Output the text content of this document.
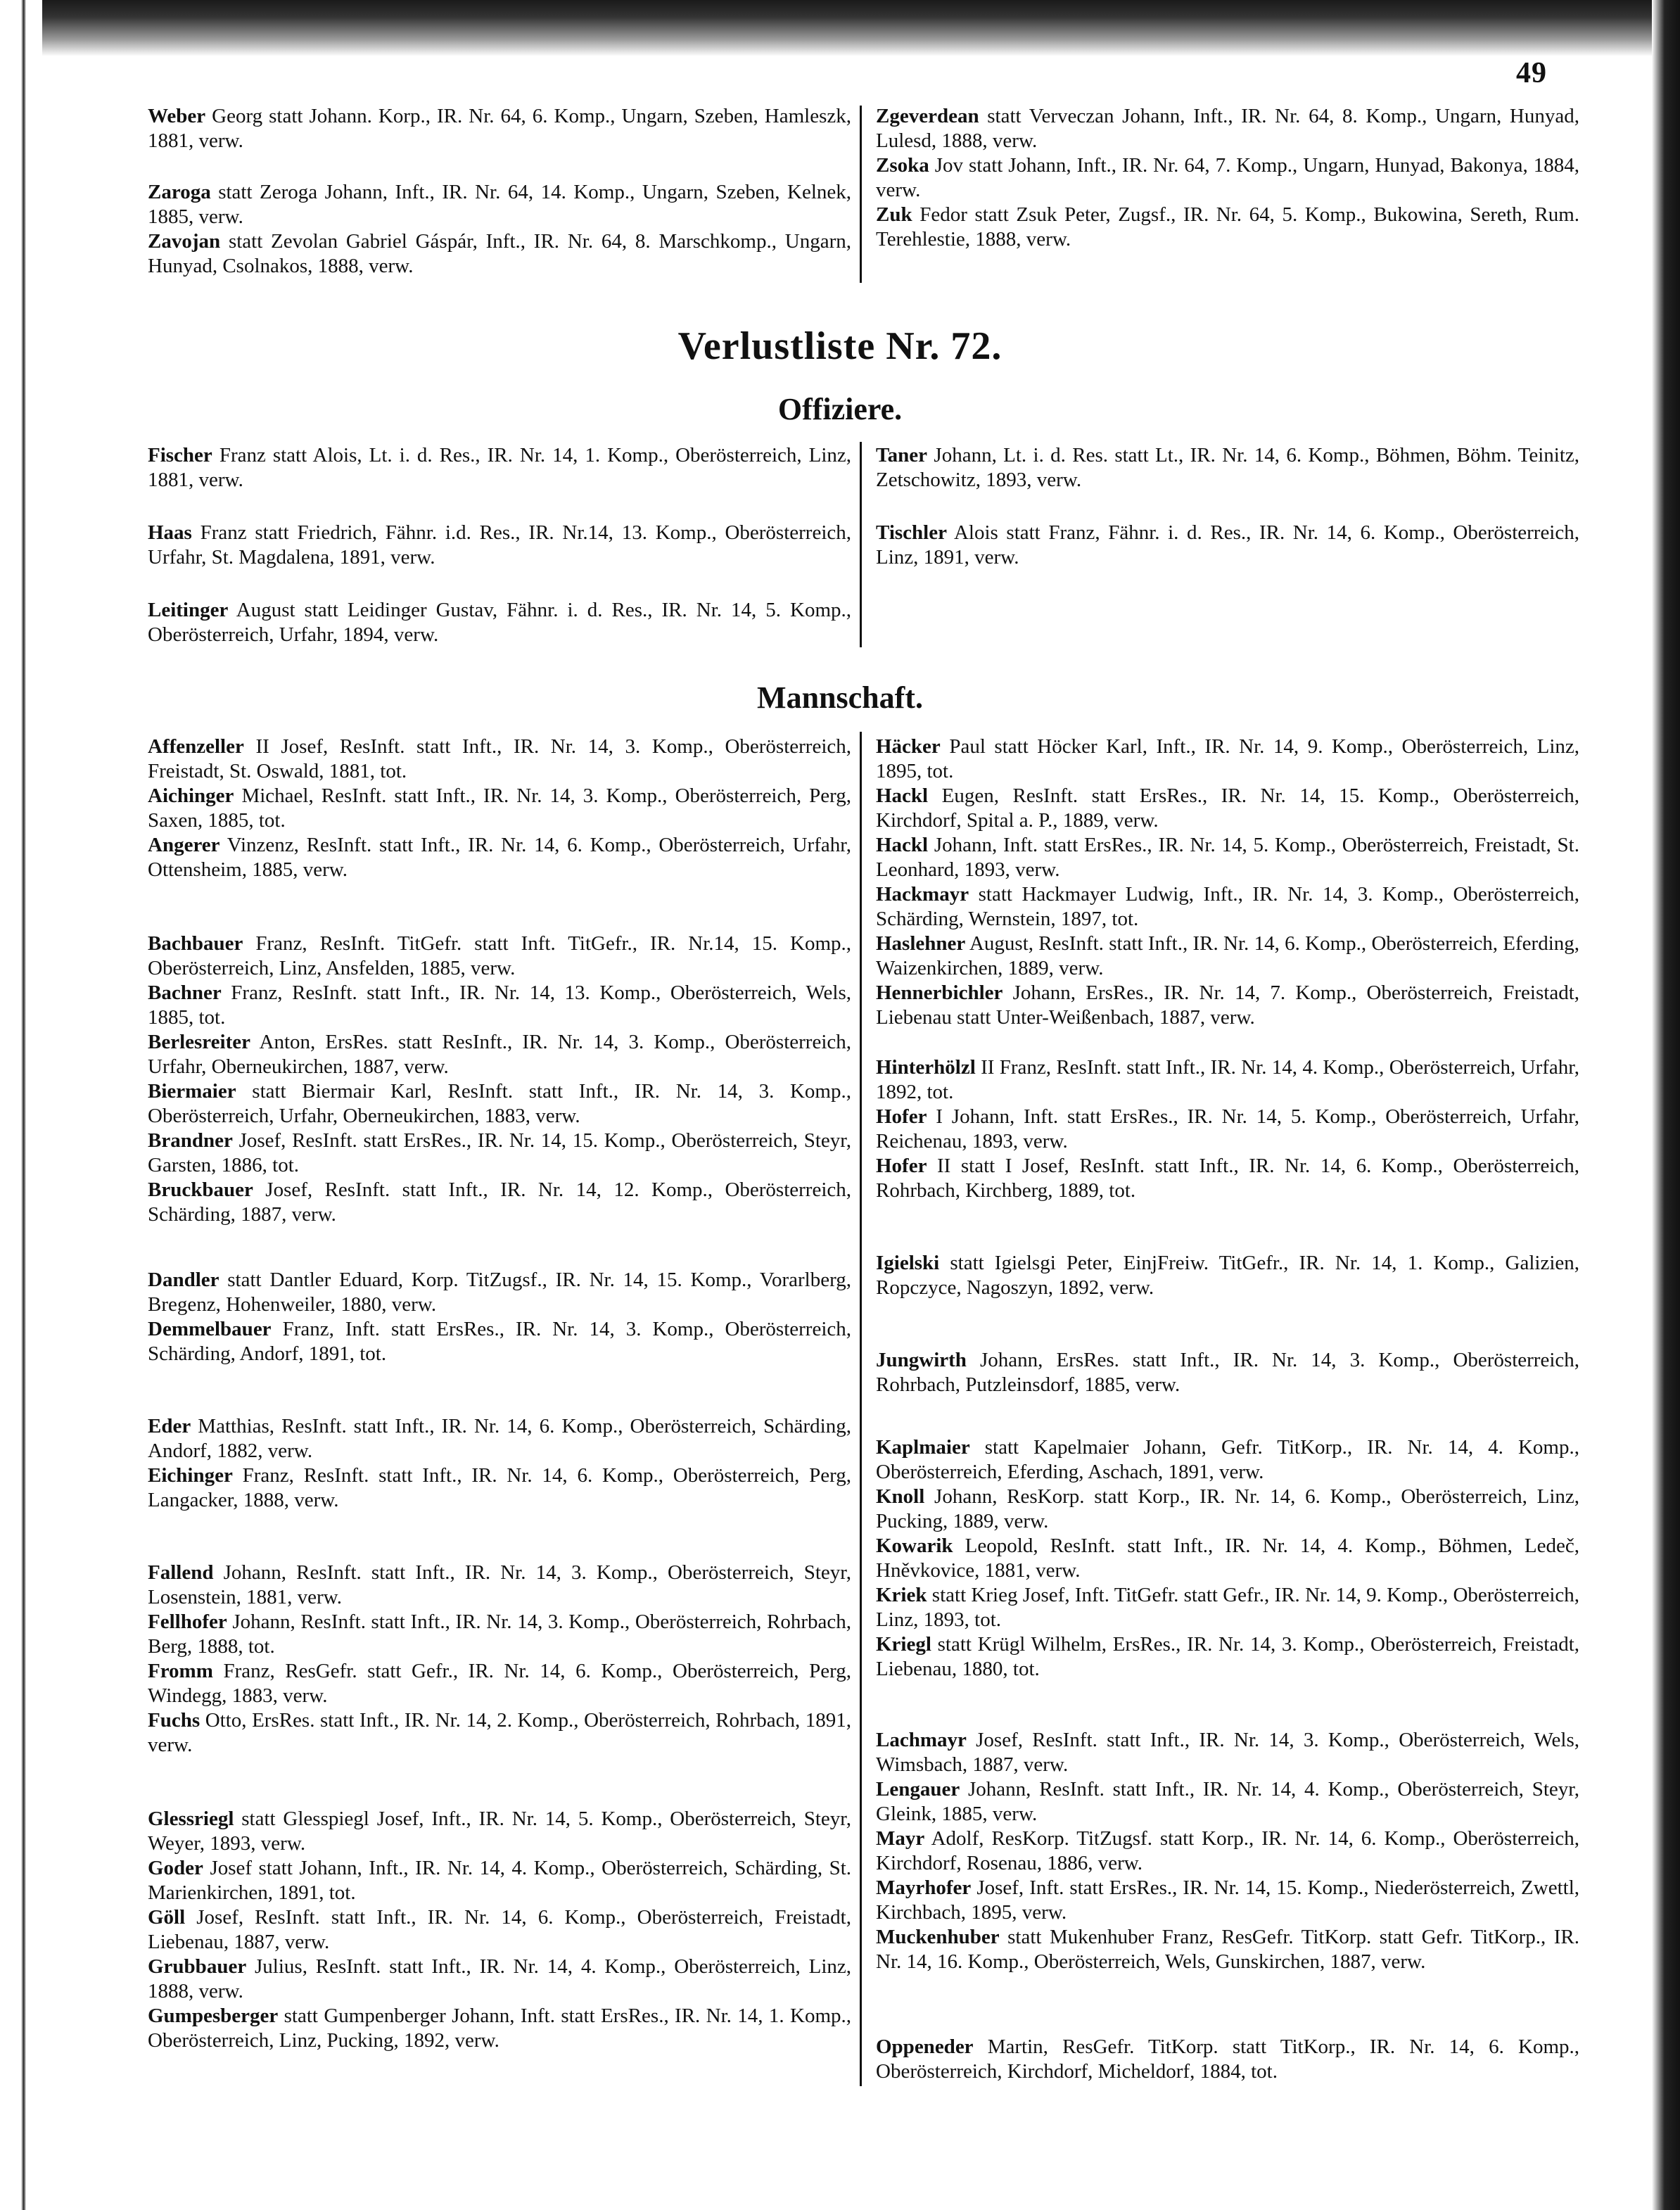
49
Verlustliste Nr. 72.
Offiziere.
Mannschaft.
Weber Georg statt Johann. Korp., IR. Nr. 64, 6. Komp., Ungarn, Szeben, Hamleszk, 1881, verw.
Zaroga statt Zeroga Johann, Inft., IR. Nr. 64, 14. Komp., Ungarn, Szeben, Kelnek, 1885, verw.
Zavojan statt Zevolan Gabriel Gáspár, Inft., IR. Nr. 64, 8. Marschkomp., Ungarn, Hunyad, Csolnakos, 1888, verw.
Zgeverdean statt Verveczan Johann, Inft., IR. Nr. 64, 8. Komp., Ungarn, Hunyad, Lulesd, 1888, verw.
Zsoka Jov statt Johann, Inft., IR. Nr. 64, 7. Komp., Ungarn, Hunyad, Bakonya, 1884, verw.
Zuk Fedor statt Zsuk Peter, Zugsf., IR. Nr. 64, 5. Komp., Bukowina, Sereth, Rum. Terehlestie, 1888, verw.
Fischer Franz statt Alois, Lt. i. d. Res., IR. Nr. 14, 1. Komp., Oberösterreich, Linz, 1881, verw.
Haas Franz statt Friedrich, Fähnr. i.d. Res., IR. Nr.14, 13. Komp., Oberösterreich, Urfahr, St. Magdalena, 1891, verw.
Leitinger August statt Leidinger Gustav, Fähnr. i. d. Res., IR. Nr. 14, 5. Komp., Oberösterreich, Urfahr, 1894, verw.
Taner Johann, Lt. i. d. Res. statt Lt., IR. Nr. 14, 6. Komp., Böhmen, Böhm. Teinitz, Zetschowitz, 1893, verw.
Tischler Alois statt Franz, Fähnr. i. d. Res., IR. Nr. 14, 6. Komp., Oberösterreich, Linz, 1891, verw.
Affenzeller II Josef, ResInft. statt Inft., IR. Nr. 14, 3. Komp., Oberösterreich, Freistadt, St. Oswald, 1881, tot.
Aichinger Michael, ResInft. statt Inft., IR. Nr. 14, 3. Komp., Oberösterreich, Perg, Saxen, 1885, tot.
Angerer Vinzenz, ResInft. statt Inft., IR. Nr. 14, 6. Komp., Oberösterreich, Urfahr, Ottensheim, 1885, verw.
Bachbauer Franz, ResInft. TitGefr. statt Inft. TitGefr., IR. Nr.14, 15. Komp., Oberösterreich, Linz, Ansfelden, 1885, verw.
Bachner Franz, ResInft. statt Inft., IR. Nr. 14, 13. Komp., Oberösterreich, Wels, 1885, tot.
Berlesreiter Anton, ErsRes. statt ResInft., IR. Nr. 14, 3. Komp., Oberösterreich, Urfahr, Oberneukirchen, 1887, verw.
Biermaier statt Biermair Karl, ResInft. statt Inft., IR. Nr. 14, 3. Komp., Oberösterreich, Urfahr, Oberneukirchen, 1883, verw.
Brandner Josef, ResInft. statt ErsRes., IR. Nr. 14, 15. Komp., Oberösterreich, Steyr, Garsten, 1886, tot.
Bruckbauer Josef, ResInft. statt Inft., IR. Nr. 14, 12. Komp., Oberösterreich, Schärding, 1887, verw.
Dandler statt Dantler Eduard, Korp. TitZugsf., IR. Nr. 14, 15. Komp., Vorarlberg, Bregenz, Hohenweiler, 1880, verw.
Demmelbauer Franz, Inft. statt ErsRes., IR. Nr. 14, 3. Komp., Oberösterreich, Schärding, Andorf, 1891, tot.
Eder Matthias, ResInft. statt Inft., IR. Nr. 14, 6. Komp., Oberösterreich, Schärding, Andorf, 1882, verw.
Eichinger Franz, ResInft. statt Inft., IR. Nr. 14, 6. Komp., Oberösterreich, Perg, Langacker, 1888, verw.
Fallend Johann, ResInft. statt Inft., IR. Nr. 14, 3. Komp., Oberösterreich, Steyr, Losenstein, 1881, verw.
Fellhofer Johann, ResInft. statt Inft., IR. Nr. 14, 3. Komp., Oberösterreich, Rohrbach, Berg, 1888, tot.
Fromm Franz, ResGefr. statt Gefr., IR. Nr. 14, 6. Komp., Oberösterreich, Perg, Windegg, 1883, verw.
Fuchs Otto, ErsRes. statt Inft., IR. Nr. 14, 2. Komp., Oberösterreich, Rohrbach, 1891, verw.
Glessriegl statt Glesspiegl Josef, Inft., IR. Nr. 14, 5. Komp., Oberösterreich, Steyr, Weyer, 1893, verw.
Goder Josef statt Johann, Inft., IR. Nr. 14, 4. Komp., Oberösterreich, Schärding, St. Marienkirchen, 1891, tot.
Göll Josef, ResInft. statt Inft., IR. Nr. 14, 6. Komp., Oberösterreich, Freistadt, Liebenau, 1887, verw.
Grubbauer Julius, ResInft. statt Inft., IR. Nr. 14, 4. Komp., Oberösterreich, Linz, 1888, verw.
Gumpesberger statt Gumpenberger Johann, Inft. statt ErsRes., IR. Nr. 14, 1. Komp., Oberösterreich, Linz, Pucking, 1892, verw.
Häcker Paul statt Höcker Karl, Inft., IR. Nr. 14, 9. Komp., Oberösterreich, Linz, 1895, tot.
Hackl Eugen, ResInft. statt ErsRes., IR. Nr. 14, 15. Komp., Oberösterreich, Kirchdorf, Spital a. P., 1889, verw.
Hackl Johann, Inft. statt ErsRes., IR. Nr. 14, 5. Komp., Oberösterreich, Freistadt, St. Leonhard, 1893, verw.
Hackmayr statt Hackmayer Ludwig, Inft., IR. Nr. 14, 3. Komp., Oberösterreich, Schärding, Wernstein, 1897, tot.
Haslehner August, ResInft. statt Inft., IR. Nr. 14, 6. Komp., Oberösterreich, Eferding, Waizenkirchen, 1889, verw.
Hennerbichler Johann, ErsRes., IR. Nr. 14, 7. Komp., Oberösterreich, Freistadt, Liebenau statt Unter-Weißenbach, 1887, verw.
Hinterhölzl II Franz, ResInft. statt Inft., IR. Nr. 14, 4. Komp., Oberösterreich, Urfahr, 1892, tot.
Hofer I Johann, Inft. statt ErsRes., IR. Nr. 14, 5. Komp., Oberösterreich, Urfahr, Reichenau, 1893, verw.
Hofer II statt I Josef, ResInft. statt Inft., IR. Nr. 14, 6. Komp., Oberösterreich, Rohrbach, Kirchberg, 1889, tot.
Igielski statt Igielsgi Peter, EinjFreiw. TitGefr., IR. Nr. 14, 1. Komp., Galizien, Ropczyce, Nagoszyn, 1892, verw.
Jungwirth Johann, ErsRes. statt Inft., IR. Nr. 14, 3. Komp., Oberösterreich, Rohrbach, Putzleinsdorf, 1885, verw.
Kaplmaier statt Kapelmaier Johann, Gefr. TitKorp., IR. Nr. 14, 4. Komp., Oberösterreich, Eferding, Aschach, 1891, verw.
Knoll Johann, ResKorp. statt Korp., IR. Nr. 14, 6. Komp., Oberösterreich, Linz, Pucking, 1889, verw.
Kowarik Leopold, ResInft. statt Inft., IR. Nr. 14, 4. Komp., Böhmen, Ledeč, Hněvkovice, 1881, verw.
Kriek statt Krieg Josef, Inft. TitGefr. statt Gefr., IR. Nr. 14, 9. Komp., Oberösterreich, Linz, 1893, tot.
Kriegl statt Krügl Wilhelm, ErsRes., IR. Nr. 14, 3. Komp., Oberösterreich, Freistadt, Liebenau, 1880, tot.
Lachmayr Josef, ResInft. statt Inft., IR. Nr. 14, 3. Komp., Oberösterreich, Wels, Wimsbach, 1887, verw.
Lengauer Johann, ResInft. statt Inft., IR. Nr. 14, 4. Komp., Oberösterreich, Steyr, Gleink, 1885, verw.
Mayr Adolf, ResKorp. TitZugsf. statt Korp., IR. Nr. 14, 6. Komp., Oberösterreich, Kirchdorf, Rosenau, 1886, verw.
Mayrhofer Josef, Inft. statt ErsRes., IR. Nr. 14, 15. Komp., Niederösterreich, Zwettl, Kirchbach, 1895, verw.
Muckenhuber statt Mukenhuber Franz, ResGefr. TitKorp. statt Gefr. TitKorp., IR. Nr. 14, 16. Komp., Oberösterreich, Wels, Gunskirchen, 1887, verw.
Oppeneder Martin, ResGefr. TitKorp. statt TitKorp., IR. Nr. 14, 6. Komp., Oberösterreich, Kirchdorf, Micheldorf, 1884, tot.
